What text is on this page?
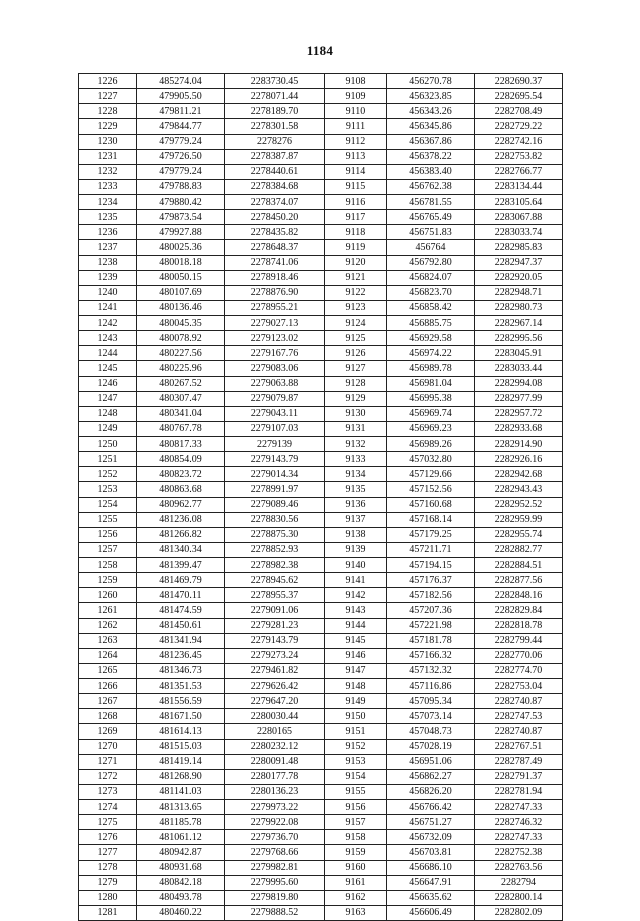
1184
1226	485274.04	2283730.45	9108	456270.78	2282690.37
1227	479905.50	2278071.44	9109	456323.85	2282695.54
1228	479811.21	2278189.70	9110	456343.26	2282708.49
1229	479844.77	2278301.58	9111	456345.86	2282729.22
1230	479779.24	2278276	9112	456367.86	2282742.16
1231	479726.50	2278387.87	9113	456378.22	2282753.82
1232	479779.24	2278440.61	9114	456383.40	2282766.77
1233	479788.83	2278384.68	9115	456762.38	2283134.44
1234	479880.42	2278374.07	9116	456781.55	2283105.64
1235	479873.54	2278450.20	9117	456765.49	2283067.88
1236	479927.88	2278435.82	9118	456751.83	2283033.74
1237	480025.36	2278648.37	9119	456764	2282985.83
1238	480018.18	2278741.06	9120	456792.80	2282947.37
1239	480050.15	2278918.46	9121	456824.07	2282920.05
1240	480107.69	2278876.90	9122	456823.70	2282948.71
1241	480136.46	2278955.21	9123	456858.42	2282980.73
1242	480045.35	2279027.13	9124	456885.75	2282967.14
1243	480078.92	2279123.02	9125	456929.58	2282995.56
1244	480227.56	2279167.76	9126	456974.22	2283045.91
1245	480225.96	2279083.06	9127	456989.78	2283033.44
1246	480267.52	2279063.88	9128	456981.04	2282994.08
1247	480307.47	2279079.87	9129	456995.38	2282977.99
1248	480341.04	2279043.11	9130	456969.74	2282957.72
1249	480767.78	2279107.03	9131	456969.23	2282933.68
1250	480817.33	2279139	9132	456989.26	2282914.90
1251	480854.09	2279143.79	9133	457032.80	2282926.16
1252	480823.72	2279014.34	9134	457129.66	2282942.68
1253	480863.68	2278991.97	9135	457152.56	2282943.43
1254	480962.77	2279089.46	9136	457160.68	2282952.52
1255	481236.08	2278830.56	9137	457168.14	2282959.99
1256	481266.82	2278875.30	9138	457179.25	2282955.74
1257	481340.34	2278852.93	9139	457211.71	2282882.77
1258	481399.47	2278982.38	9140	457194.15	2282884.51
1259	481469.79	2278945.62	9141	457176.37	2282877.56
1260	481470.11	2278955.37	9142	457182.56	2282848.16
1261	481474.59	2279091.06	9143	457207.36	2282829.84
1262	481450.61	2279281.23	9144	457221.98	2282818.78
1263	481341.94	2279143.79	9145	457181.78	2282799.44
1264	481236.45	2279273.24	9146	457166.32	2282770.06
1265	481346.73	2279461.82	9147	457132.32	2282774.70
1266	481351.53	2279626.42	9148	457116.86	2282753.04
1267	481556.59	2279647.20	9149	457095.34	2282740.87
1268	481671.50	2280030.44	9150	457073.14	2282747.53
1269	481614.13	2280165	9151	457048.73	2282740.87
1270	481515.03	2280232.12	9152	457028.19	2282767.51
1271	481419.14	2280091.48	9153	456951.06	2282787.49
1272	481268.90	2280177.78	9154	456862.27	2282791.37
1273	481141.03	2280136.23	9155	456826.20	2282781.94
1274	481313.65	2279973.22	9156	456766.42	2282747.33
1275	481185.78	2279922.08	9157	456751.27	2282746.32
1276	481061.12	2279736.70	9158	456732.09	2282747.33
1277	480942.87	2279768.66	9159	456703.81	2282752.38
1278	480931.68	2279982.81	9160	456686.10	2282763.56
1279	480842.18	2279995.60	9161	456647.91	2282794
1280	480493.78	2279819.80	9162	456635.62	2282800.14
1281	480460.22	2279888.52	9163	456606.49	2282802.09
